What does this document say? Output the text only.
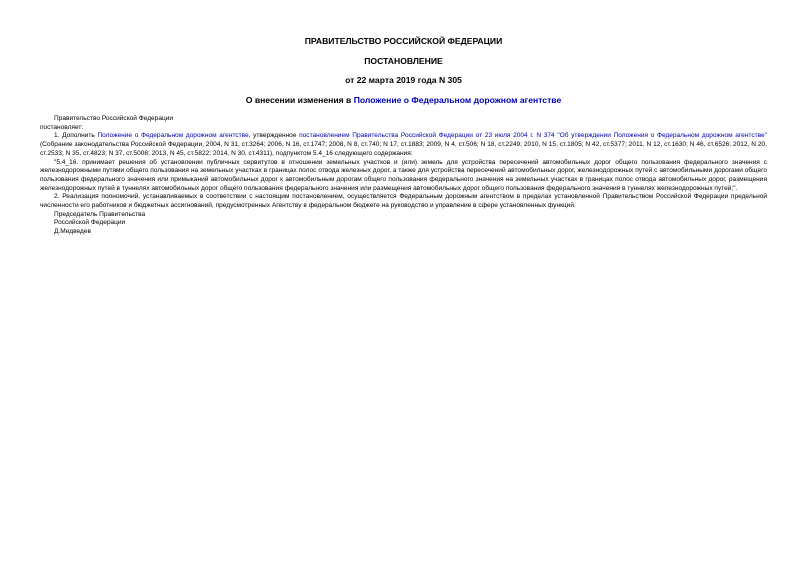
ПРАВИТЕЛЬСТВО РОССИЙСКОЙ ФЕДЕРАЦИИ

ПОСТАНОВЛЕНИЕ

от 22 марта 2019 года N 305

О внесении изменения в Положение о Федеральном дорожном агентстве

Правительство Российской Федерации

постановляет:

1. Дополнить Положение о Федеральном дорожном агентстве, утвержденное постановлением Правительства Российской Федерации от 23 июля 2004 г. N 374 "Об утверждении Положения о Федеральном дорожном агентстве" (Собрание законодательства Российской Федерации, 2004, N 31, ст.3264; 2006, N 16, ст.1747; 2008, N 8, ст.740; N 17, ст.1883; 2009, N 4, ст.506; N 18, ст.2249; 2010, N 15, ст.1805; N 42, ст.5377; 2011, N 12, ст.1630; N 46, ст.6526; 2012, N 20, ст.2533; N 35, ст.4823; N 37, ст.5008; 2013, N 45, ст.5822; 2014, N 30, ст.4311), подпунктом 5.4_16 следующего содержания:

"5.4_16. принимает решения об установлении публичных сервитутов в отношении земельных участков и (или) земель для устройства пересечений автомобильных дорог общего пользования федерального значения с железнодорожными путями общего пользования на земельных участках в границах полос отвода железных дорог, а также для устройства пересечений автомобильных дорог, железнодорожных путей с автомобильными дорогами общего пользования федерального значения или примыканий автомобильных дорог к автомобильным дорогам общего пользования федерального значения на земельных участках в границах полос отвода автомобильных дорог, размещения железнодорожных путей в туннелях автомобильных дорог общего пользования федерального значения или размещения автомобильных дорог общего пользования федерального значения в туннелях железнодорожных путей;".

2. Реализация полномочий, устанавливаемых в соответствии с настоящим постановлением, осуществляется Федеральным дорожным агентством в пределах установленной Правительством Российской Федерации предельной численности его работников и бюджетных ассигнований, предусмотренных Агентству в федеральном бюджете на руководство и управление в сфере установленных функций.

Председатель Правительства

Российской Федерации

Д.Медведев
